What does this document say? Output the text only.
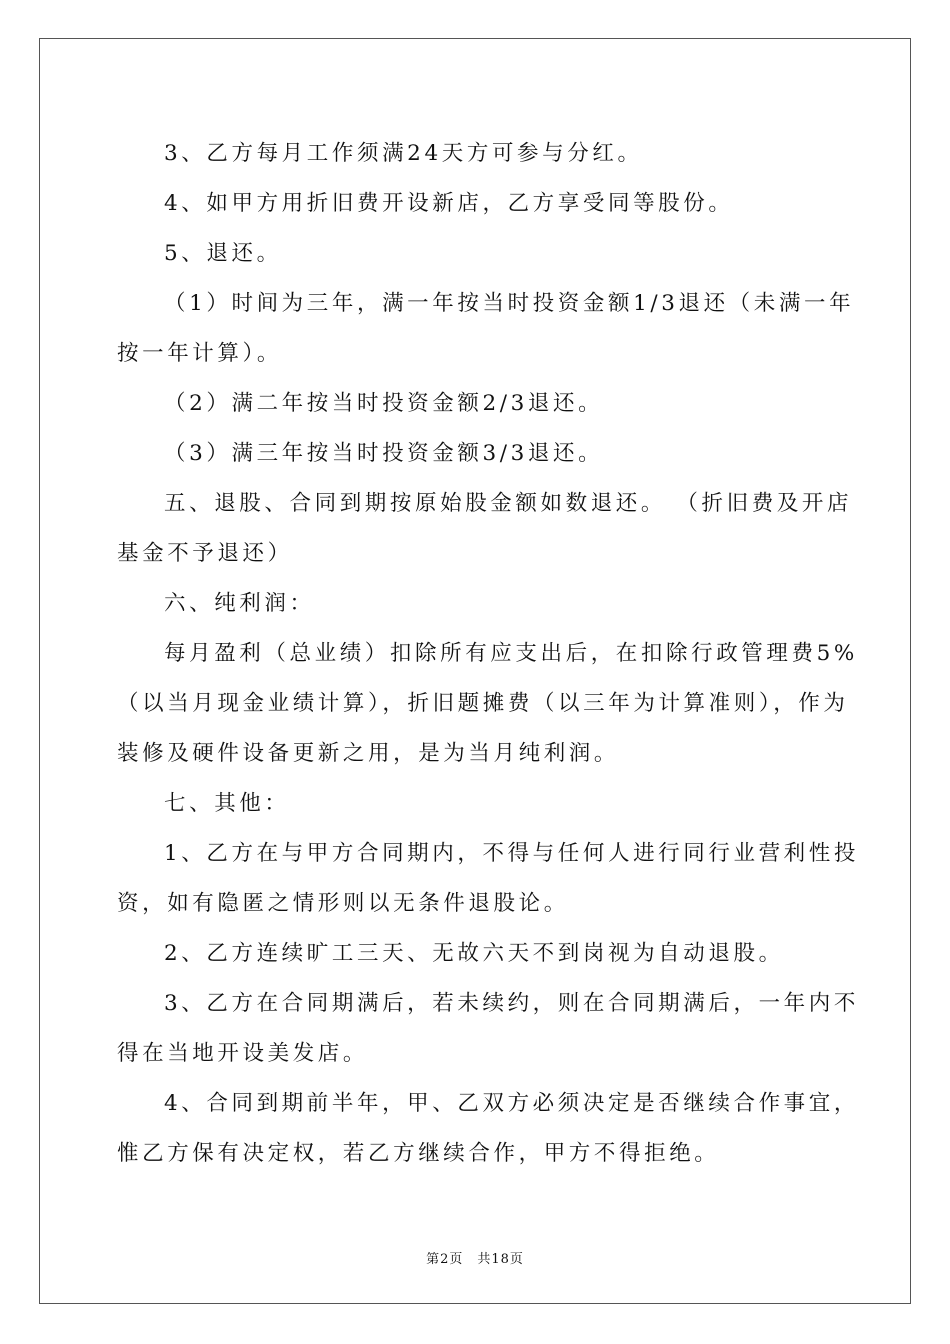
3、乙方每月工作须满24天方可参与分红。
4、如甲方用折旧费开设新店，乙方享受同等股份。
5、退还。
（1）时间为三年，满一年按当时投资金额1/3退还（未满一年
按一年计算）。
（2）满二年按当时投资金额2/3退还。
（3）满三年按当时投资金额3/3退还。
五、退股、合同到期按原始股金额如数退还。 （折旧费及开店
基金不予退还）
六、纯利润：
每月盈利（总业绩）扣除所有应支出后，在扣除行政管理费5%
（以当月现金业绩计算），折旧题摊费（以三年为计算准则），作为
装修及硬件设备更新之用，是为当月纯利润。
七、其他：
1、乙方在与甲方合同期内，不得与任何人进行同行业营利性投
资，如有隐匿之情形则以无条件退股论。
2、乙方连续旷工三天、无故六天不到岗视为自动退股。
3、乙方在合同期满后，若未续约，则在合同期满后，一年内不
得在当地开设美发店。
4、合同到期前半年，甲、乙双方必须决定是否继续合作事宜，
惟乙方保有决定权，若乙方继续合作，甲方不得拒绝。
第2页 共18页
